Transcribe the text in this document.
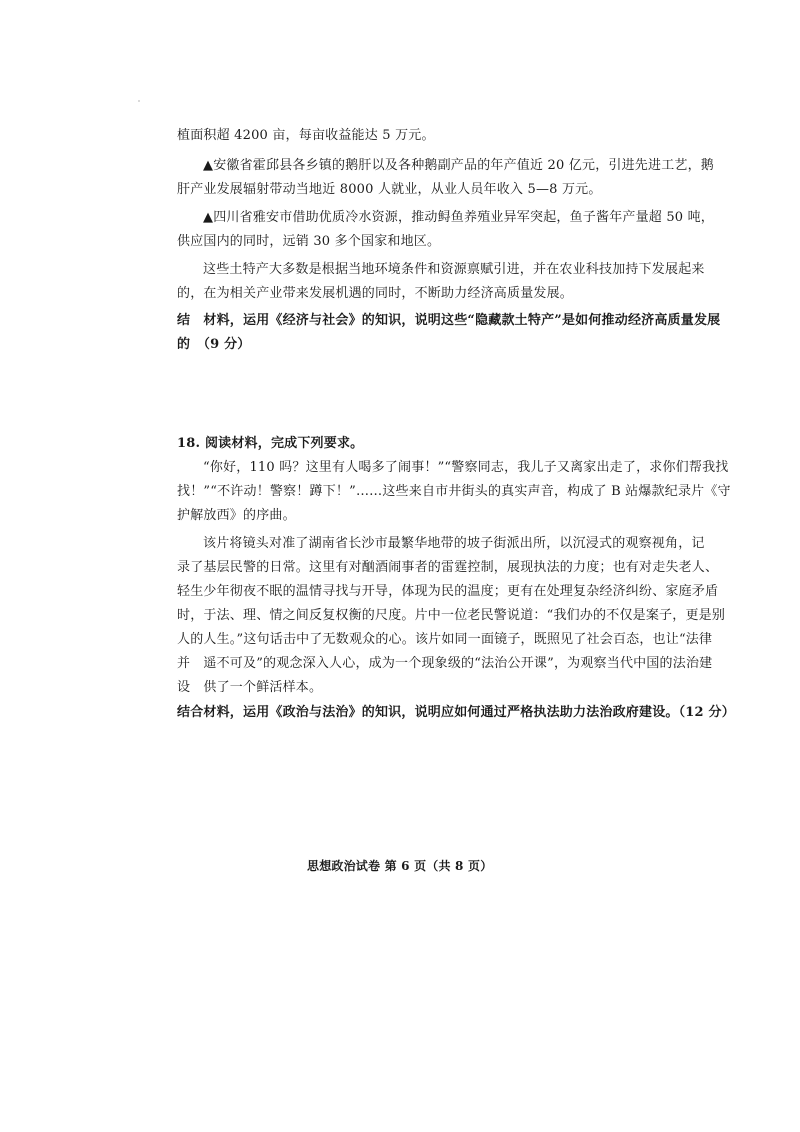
植面积超 4200 亩，每亩收益能达 5 万元。
▲安徽省霍邱县各乡镇的鹅肝以及各种鹅副产品的年产值近 20 亿元，引进先进工艺，鹅
肝产业发展辐射带动当地近 8000 人就业，从业人员年收入 5—8 万元。
▲四川省雅安市借助优质冷水资源，推动鲟鱼养殖业异军突起，鱼子酱年产量超 50 吨，
供应国内的同时，远销 30 多个国家和地区。
这些土特产大多数是根据当地环境条件和资源禀赋引进，并在农业科技加持下发展起来
的，在为相关产业带来发展机遇的同时，不断助力经济高质量发展。
结　材料，运用《经济与社会》的知识，说明这些“隐藏款土特产”是如何推动经济高质量发展
的　（9 分）
18. 阅读材料，完成下列要求。
“你好，110 吗？这里有人喝多了闹事！”“警察同志，我儿子又离家出走了，求你们帮我找
找！”“不许动！警察！蹲下！”……这些来自市井街头的真实声音，构成了 B 站爆款纪录片《守
护解放西》的序曲。
该片将镜头对准了湖南省长沙市最繁华地带的坡子街派出所，以沉浸式的观察视角，记
录了基层民警的日常。这里有对酗酒闹事者的雷霆控制，展现执法的力度；也有对走失老人、
轻生少年彻夜不眠的温情寻找与开导，体现为民的温度；更有在处理复杂经济纠纷、家庭矛盾
时，于法、理、情之间反复权衡的尺度。片中一位老民警说道：“我们办的不仅是案子，更是别
人的人生。”这句话击中了无数观众的心。该片如同一面镜子，既照见了社会百态，也让“法律
并　遥不可及”的观念深入人心，成为一个现象级的“法治公开课”，为观察当代中国的法治建
设　供了一个鲜活样本。
结合材料，运用《政治与法治》的知识，说明应如何通过严格执法助力法治政府建设。（12 分）
思想政治试卷 第 6 页（共 8 页）
